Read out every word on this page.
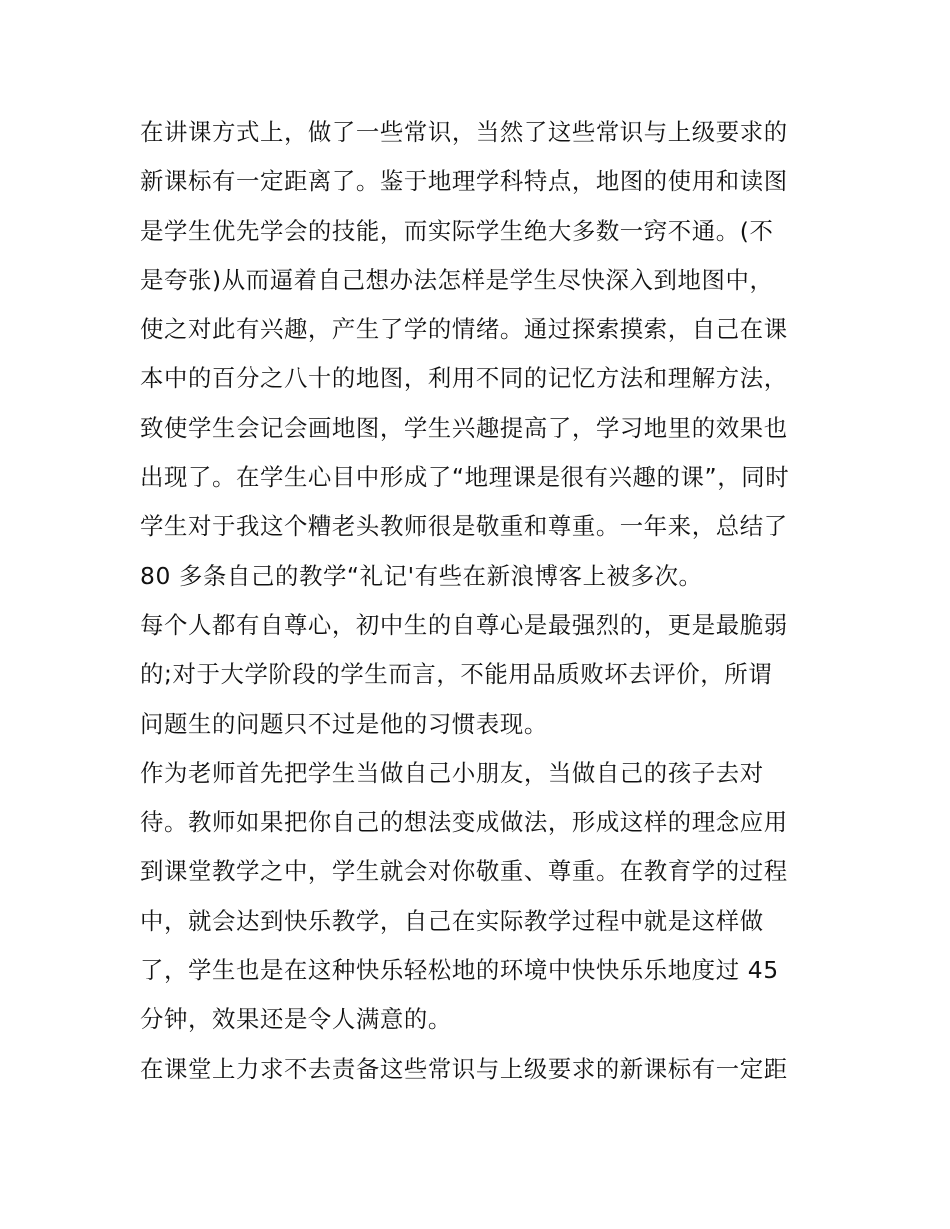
在讲课方式上，做了一些常识，当然了这些常识与上级要求的
新课标有一定距离了。鉴于地理学科特点，地图的使用和读图
是学生优先学会的技能，而实际学生绝大多数一窍不通。(不
是夸张)从而逼着自己想办法怎样是学生尽快深入到地图中，
使之对此有兴趣，产生了学的情绪。通过探索摸索，自己在课
本中的百分之八十的地图，利用不同的记忆方法和理解方法，
致使学生会记会画地图，学生兴趣提高了，学习地里的效果也
出现了。在学生心目中形成了“地理课是很有兴趣的课”，同时
学生对于我这个糟老头教师很是敬重和尊重。一年来，总结了
80 多条自己的教学“礼记'有些在新浪博客上被多次。
每个人都有自尊心，初中生的自尊心是最强烈的，更是最脆弱
的;对于大学阶段的学生而言，不能用品质败坏去评价，所谓
问题生的问题只不过是他的习惯表现。
作为老师首先把学生当做自己小朋友，当做自己的孩子去对
待。教师如果把你自己的想法变成做法，形成这样的理念应用
到课堂教学之中，学生就会对你敬重、尊重。在教育学的过程
中，就会达到快乐教学，自己在实际教学过程中就是这样做
了，学生也是在这种快乐轻松地的环境中快快乐乐地度过 45
分钟，效果还是令人满意的。
在课堂上力求不去责备这些常识与上级要求的新课标有一定距
